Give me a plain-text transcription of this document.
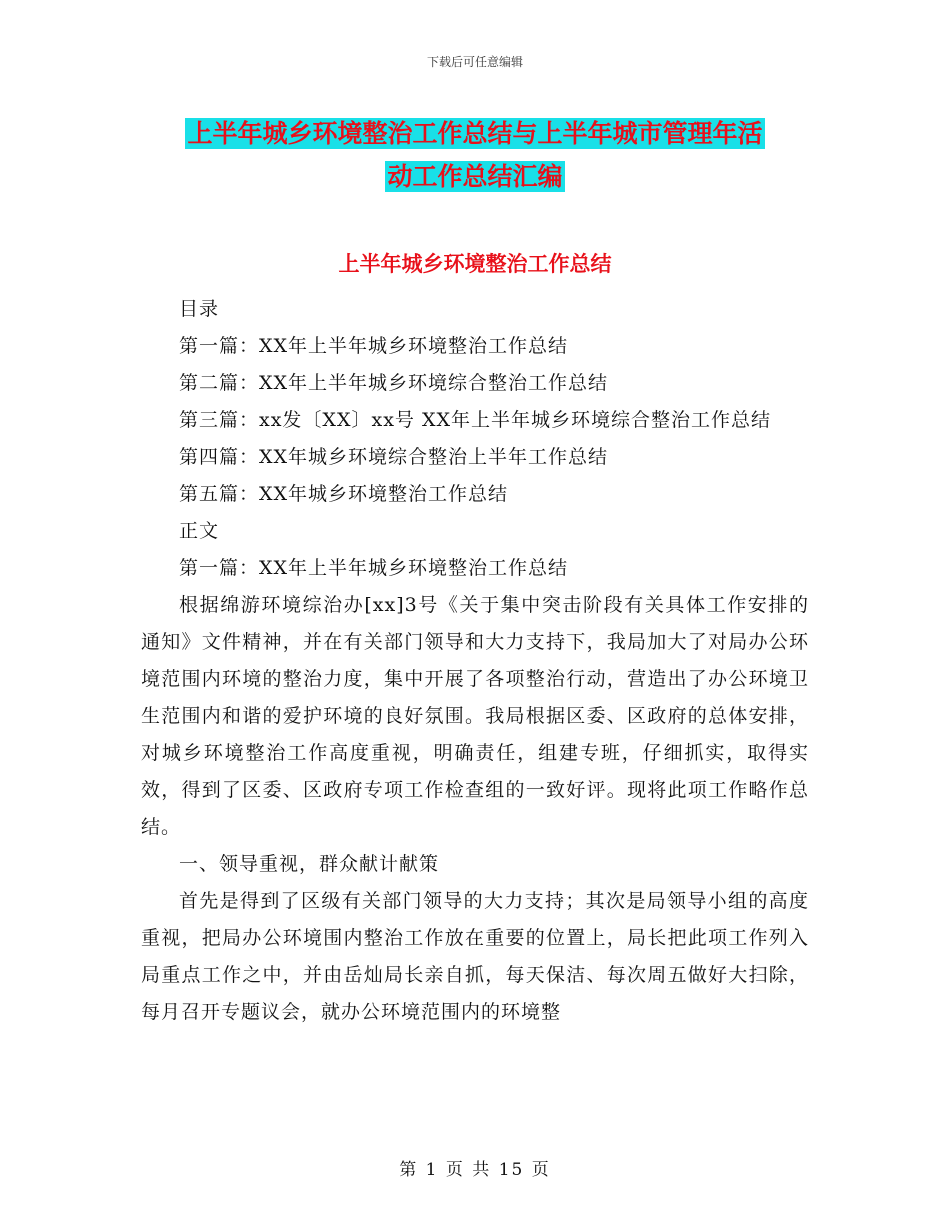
下载后可任意编辑
上半年城乡环境整治工作总结与上半年城市管理年活
动工作总结汇编
上半年城乡环境整治工作总结

目录

第一篇：XX年上半年城乡环境整治工作总结

第二篇：XX年上半年城乡环境综合整治工作总结

第三篇：xx发〔XX〕xx号 XX年上半年城乡环境综合整治工作总结

第四篇：XX年城乡环境综合整治上半年工作总结

第五篇：XX年城乡环境整治工作总结

正文

第一篇：XX年上半年城乡环境整治工作总结

根据绵游环境综治办[xx]3号《关于集中突击阶段有关具体工作安排的通知》文件精神，并在有关部门领导和大力支持下，我局加大了对局办公环境范围内环境的整治力度，集中开展了各项整治行动，营造出了办公环境卫生范围内和谐的爱护环境的良好氛围。我局根据区委、区政府的总体安排，对城乡环境整治工作高度重视，明确责任，组建专班，仔细抓实，取得实效，得到了区委、区政府专项工作检查组的一致好评。现将此项工作略作总结。

一、领导重视，群众献计献策

首先是得到了区级有关部门领导的大力支持；其次是局领导小组的高度重视，把局办公环境围内整治工作放在重要的位置上，局长把此项工作列入局重点工作之中，并由岳灿局长亲自抓，每天保洁、每次周五做好大扫除，每月召开专题议会，就办公环境范围内的环境整

第 1 页 共 15 页
